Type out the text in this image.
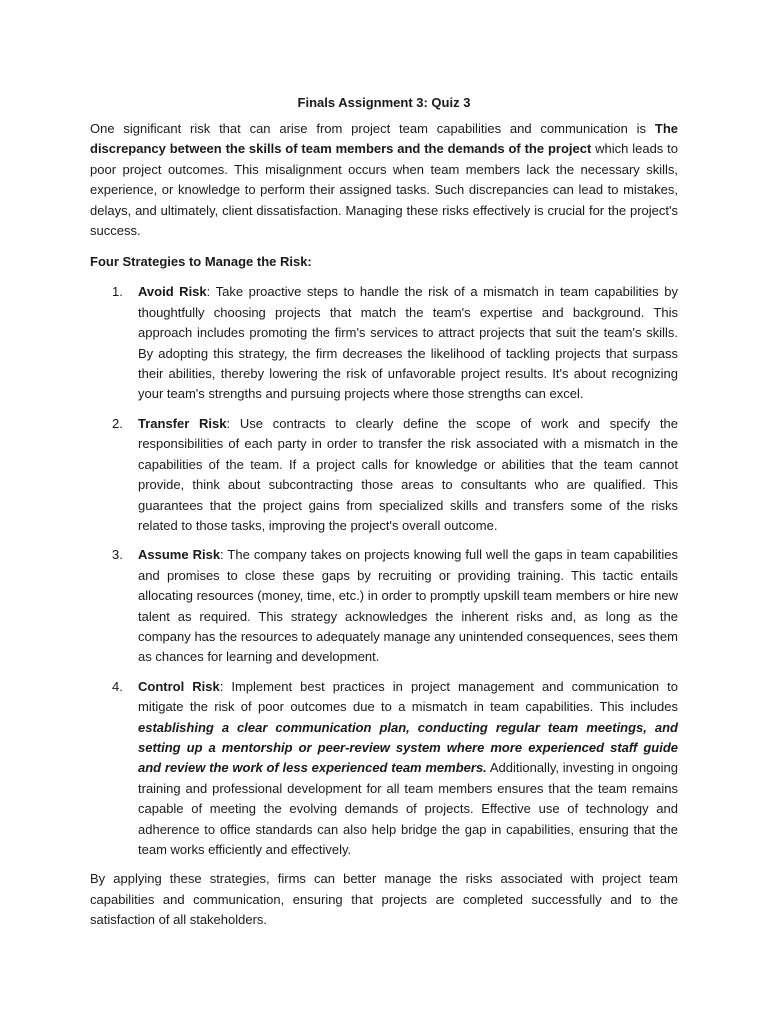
Finals Assignment 3: Quiz 3

One significant risk that can arise from project team capabilities and communication is The discrepancy between the skills of team members and the demands of the project which leads to poor project outcomes. This misalignment occurs when team members lack the necessary skills, experience, or knowledge to perform their assigned tasks. Such discrepancies can lead to mistakes, delays, and ultimately, client dissatisfaction. Managing these risks effectively is crucial for the project's success.

Four Strategies to Manage the Risk:
1. Avoid Risk: Take proactive steps to handle the risk of a mismatch in team capabilities by thoughtfully choosing projects that match the team's expertise and background. This approach includes promoting the firm's services to attract projects that suit the team's skills. By adopting this strategy, the firm decreases the likelihood of tackling projects that surpass their abilities, thereby lowering the risk of unfavorable project results. It's about recognizing your team's strengths and pursuing projects where those strengths can excel.

2. Transfer Risk: Use contracts to clearly define the scope of work and specify the responsibilities of each party in order to transfer the risk associated with a mismatch in the capabilities of the team. If a project calls for knowledge or abilities that the team cannot provide, think about subcontracting those areas to consultants who are qualified. This guarantees that the project gains from specialized skills and transfers some of the risks related to those tasks, improving the project's overall outcome.

3. Assume Risk: The company takes on projects knowing full well the gaps in team capabilities and promises to close these gaps by recruiting or providing training. This tactic entails allocating resources (money, time, etc.) in order to promptly upskill team members or hire new talent as required. This strategy acknowledges the inherent risks and, as long as the company has the resources to adequately manage any unintended consequences, sees them as chances for learning and development.

4. Control Risk: Implement best practices in project management and communication to mitigate the risk of poor outcomes due to a mismatch in team capabilities. This includes establishing a clear communication plan, conducting regular team meetings, and setting up a mentorship or peer-review system where more experienced staff guide and review the work of less experienced team members. Additionally, investing in ongoing training and professional development for all team members ensures that the team remains capable of meeting the evolving demands of projects. Effective use of technology and adherence to office standards can also help bridge the gap in capabilities, ensuring that the team works efficiently and effectively.

By applying these strategies, firms can better manage the risks associated with project team capabilities and communication, ensuring that projects are completed successfully and to the satisfaction of all stakeholders.
